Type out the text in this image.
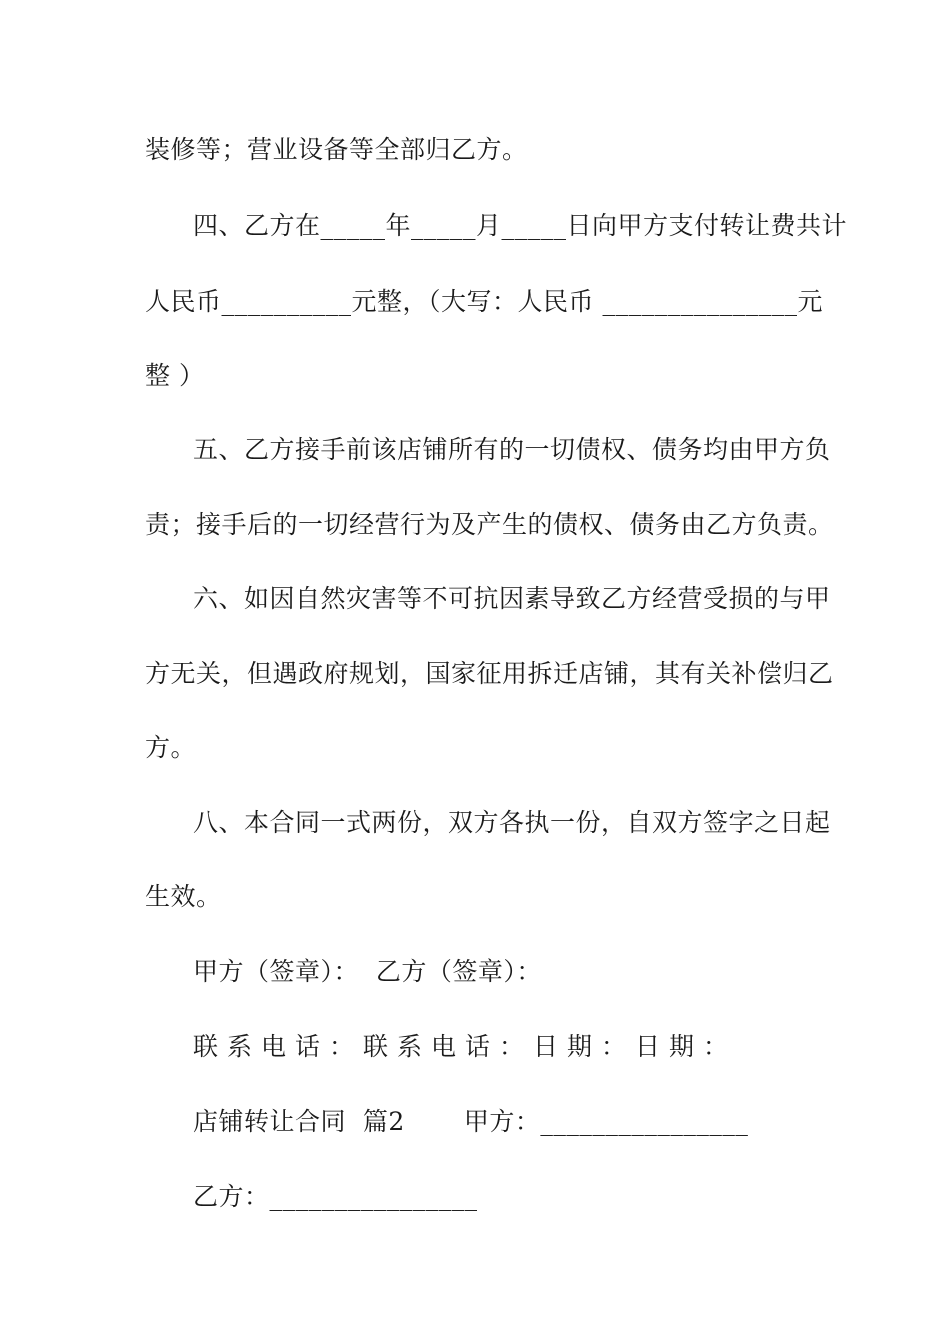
装修等；营业设备等全部归乙方。
四、乙方在_____年_____月_____日向甲方支付转让费共计
人民币__________元整，（大写：人民币 _______________元
整 ）
五、乙方接手前该店铺所有的一切债权、债务均由甲方负
责；接手后的一切经营行为及产生的债权、债务由乙方负责。
六、如因自然灾害等不可抗因素导致乙方经营受损的与甲
方无关，但遇政府规划，国家征用拆迁店铺，其有关补偿归乙
方。
八、本合同一式两份，双方各执一份，自双方签字之日起
生效。
甲方（签章）：  乙方（签章）：
联系电话：联系电话：日期：日期：
店铺转让合同  篇2       甲方：________________
乙方：________________
